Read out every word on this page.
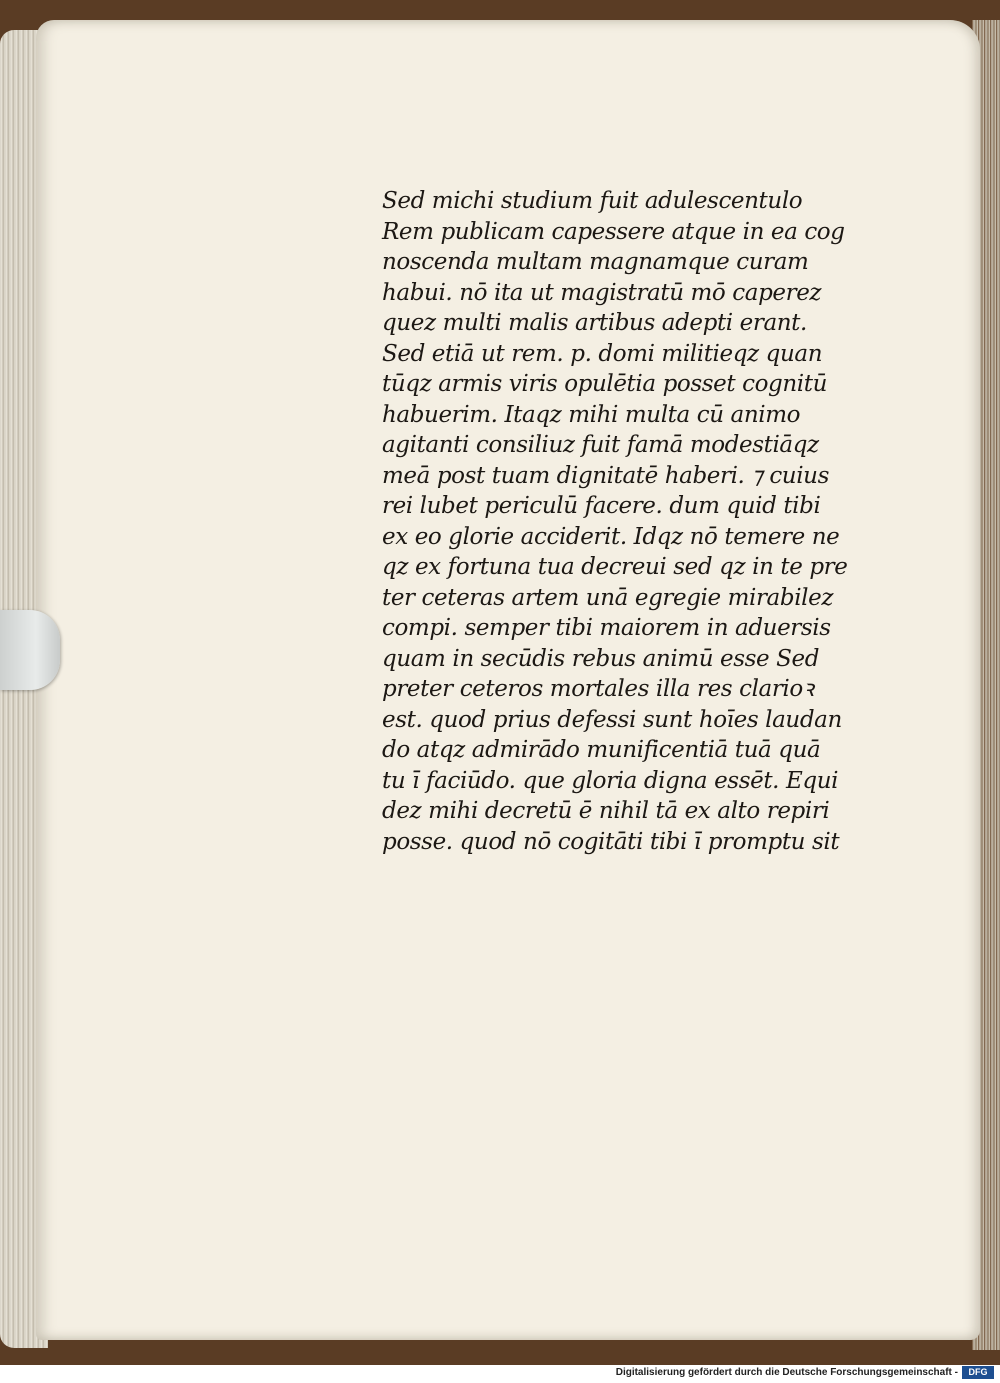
Sed michi studium fuit adulescentulo
Rem publicam capessere atque in ea cog
noscenda multam magnamque curam
habui. nō ita ut magistratū mō caperez
quez multi malis artibus adepti erant.
Sed etiā ut rem. p. domi militieqz quan
tūqz armis viris opulētia posset cognitū
habuerim. Itaqz mihi multa cū animo
agitanti consiliuz fuit famā modestiāqz
meā post tuam dignitatē haberi. ⁊ cuius
rei lubet periculū facere. dum quid tibi
ex eo glorie acciderit. Idqz nō temere ne
qz ex fortuna tua decreui sed qz in te pre
ter ceteras artem unā egregie mirabilez
compi. semper tibi maiorem in aduersis
quam in secūdis rebus animū esse Sed
preter ceteros mortales illa res clarioꝛ
est. quod prius defessi sunt hoīes laudan
do atqz admirādo munificentiā tuā quā
tu ī faciūdo. que gloria digna essēt. Equi
dez mihi decretū ē nihil tā ex alto repiri
posse. quod nō cogitāti tibi ī promptu sit
Digitalisierung gefördert durch die Deutsche Forschungsgemeinschaft -	DFG
